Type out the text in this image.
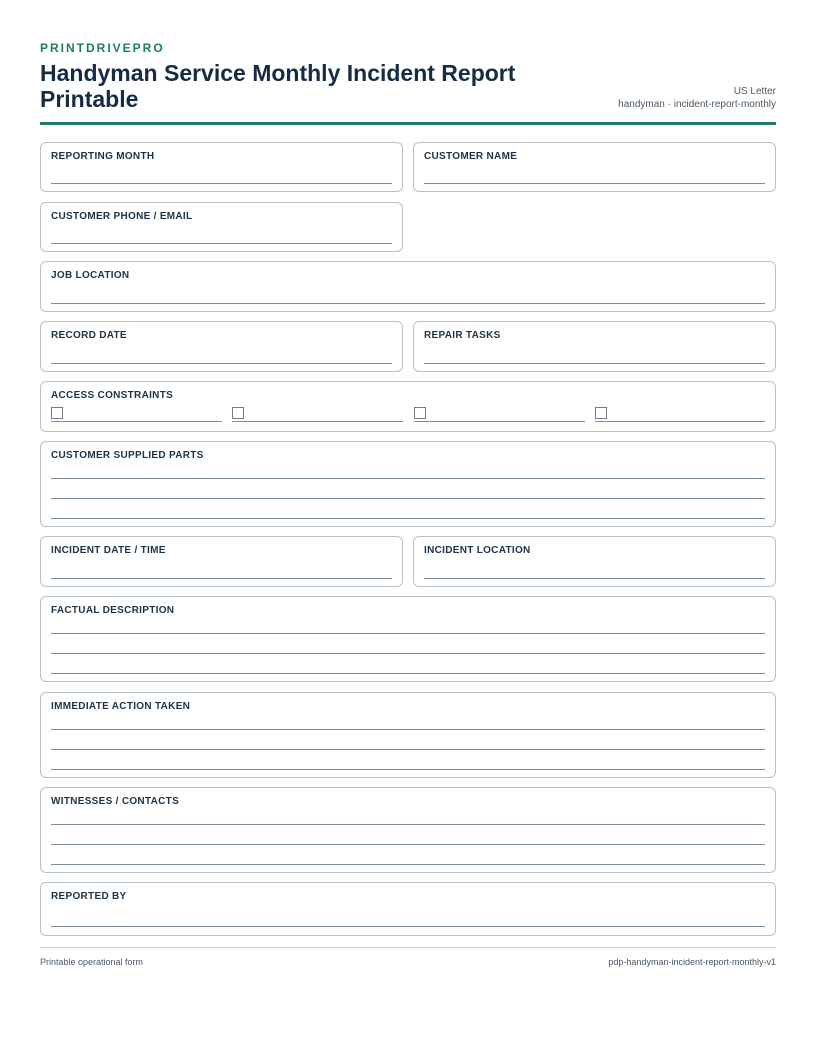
PRINTDRIVEPRO
Handyman Service Monthly Incident Report Printable	US Letter
handyman · incident-report-monthly
REPORTING MONTH	CUSTOMER NAME
CUSTOMER PHONE / EMAIL
JOB LOCATION
RECORD DATE	REPAIR TASKS
ACCESS CONSTRAINTS
CUSTOMER SUPPLIED PARTS
INCIDENT DATE / TIME	INCIDENT LOCATION
FACTUAL DESCRIPTION
IMMEDIATE ACTION TAKEN
WITNESSES / CONTACTS
REPORTED BY
Printable operational form	pdp-handyman-incident-report-monthly-v1
